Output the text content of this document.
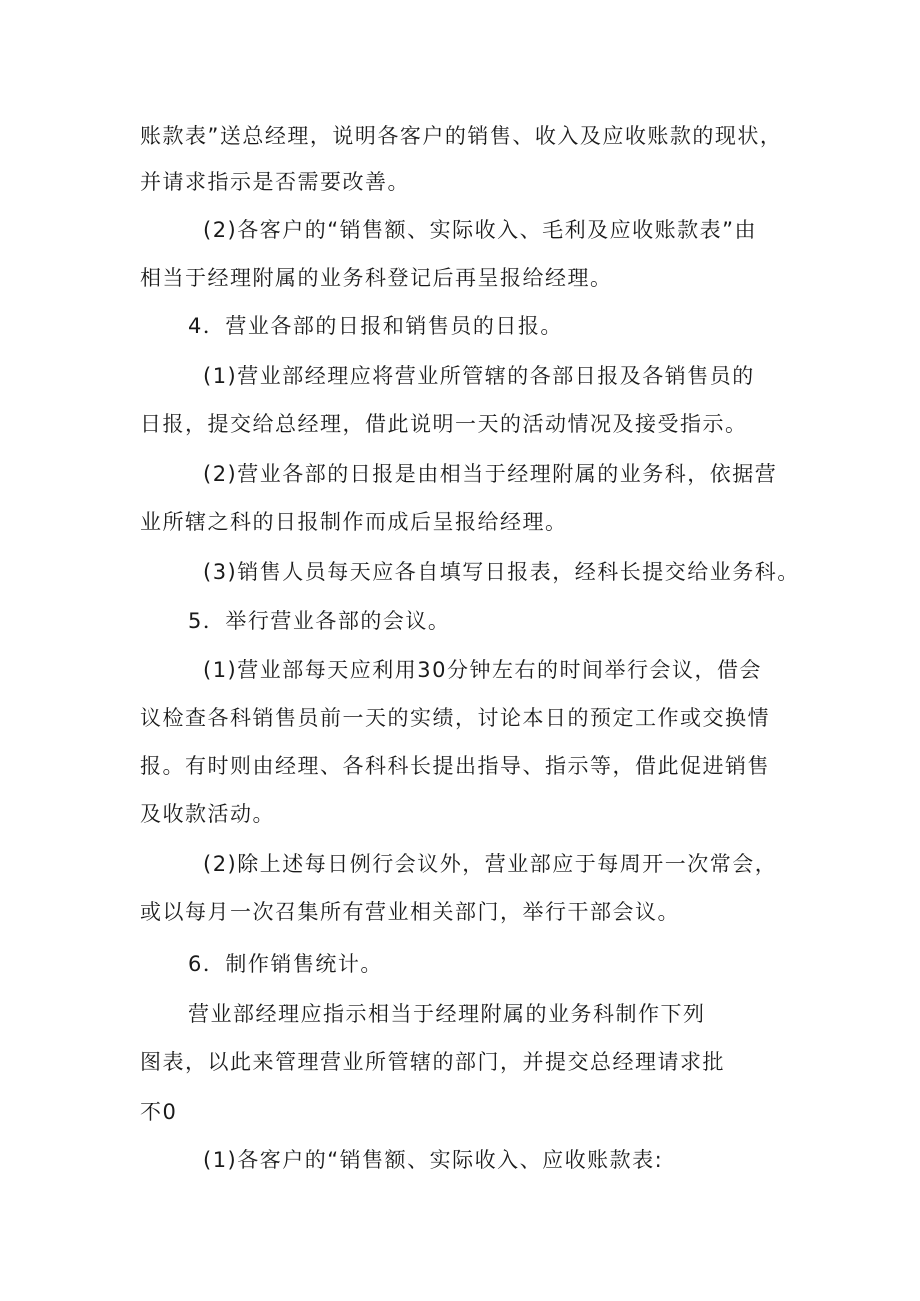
账款表”送总经理，说明各客户的销售、收入及应收账款的现状，
并请求指示是否需要改善。
(2)各客户的“销售额、实际收入、毛利及应收账款表”由
相当于经理附属的业务科登记后再呈报给经理。
4．营业各部的日报和销售员的日报。
(1)营业部经理应将营业所管辖的各部日报及各销售员的
日报，提交给总经理，借此说明一天的活动情况及接受指示。
(2)营业各部的日报是由相当于经理附属的业务科，依据营
业所辖之科的日报制作而成后呈报给经理。
(3)销售人员每天应各自填写日报表，经科长提交给业务科。
5．举行营业各部的会议。
(1)营业部每天应利用30分钟左右的时间举行会议，借会
议检查各科销售员前一天的实绩，讨论本日的预定工作或交换情
报。有时则由经理、各科科长提出指导、指示等，借此促进销售
及收款活动。
(2)除上述每日例行会议外，营业部应于每周开一次常会，
或以每月一次召集所有营业相关部门，举行干部会议。
6．制作销售统计。
营业部经理应指示相当于经理附属的业务科制作下列
图表，以此来管理营业所管辖的部门，并提交总经理请求批
不0
(1)各客户的“销售额、实际收入、应收账款表:
